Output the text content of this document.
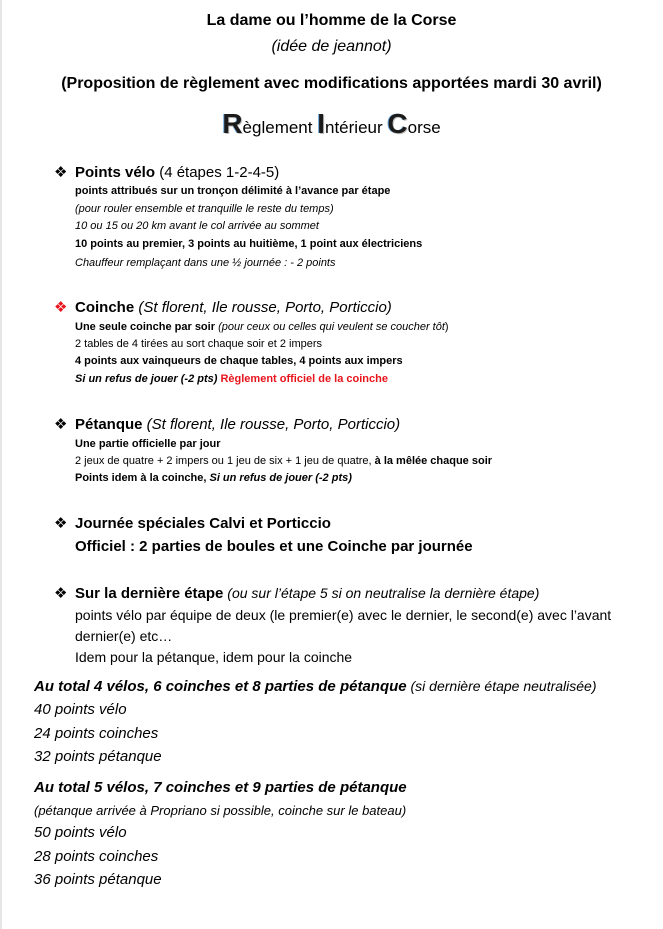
La dame ou l’homme de la Corse
(idée de jeannot)
(Proposition de règlement avec modifications apportées mardi 30 avril)
Règlement Intérieur Corse
❖ Points vélo (4 étapes 1-2-4-5)
points attribués sur un tronçon délimité à l’avance par étape
(pour rouler ensemble et tranquille le reste du temps)
10 ou 15 ou 20 km avant le col arrivée au sommet
10 points au premier, 3 points au huitième, 1 point aux électriciens
Chauffeur remplaçant dans une ½ journée : - 2 points
❖ Coinche (St florent, Ile rousse, Porto, Porticcio)
Une seule coinche par soir (pour ceux ou celles qui veulent se coucher tôt)
2 tables de 4 tirées au sort chaque soir et 2 impers
4 points aux vainqueurs de chaque tables, 4 points aux impers
Si un refus de jouer (-2 pts) Règlement officiel de la coinche
❖ Pétanque (St florent, Ile rousse, Porto, Porticcio)
Une partie officielle par jour
2 jeux de quatre + 2 impers ou 1 jeu de six + 1 jeu de quatre, à la mêlée chaque soir
Points idem à la coinche, Si un refus de jouer (-2 pts)
❖ Journée spéciales Calvi et Porticcio
Officiel : 2 parties de boules et une Coinche par journée
❖ Sur la dernière étape (ou sur l’étape 5 si on neutralise la dernière étape)
points vélo par équipe de deux (le premier(e) avec le dernier, le second(e) avec l’avant
dernier(e) etc…
Idem pour la pétanque, idem pour la coinche
Au total 4 vélos, 6 coinches et 8 parties de pétanque (si dernière étape neutralisée)
40 points vélo
24 points coinches
32 points pétanque
Au total 5 vélos, 7 coinches et 9 parties de pétanque
(pétanque arrivée à Propriano si possible, coinche sur le bateau)
50 points vélo
28 points coinches
36 points pétanque
